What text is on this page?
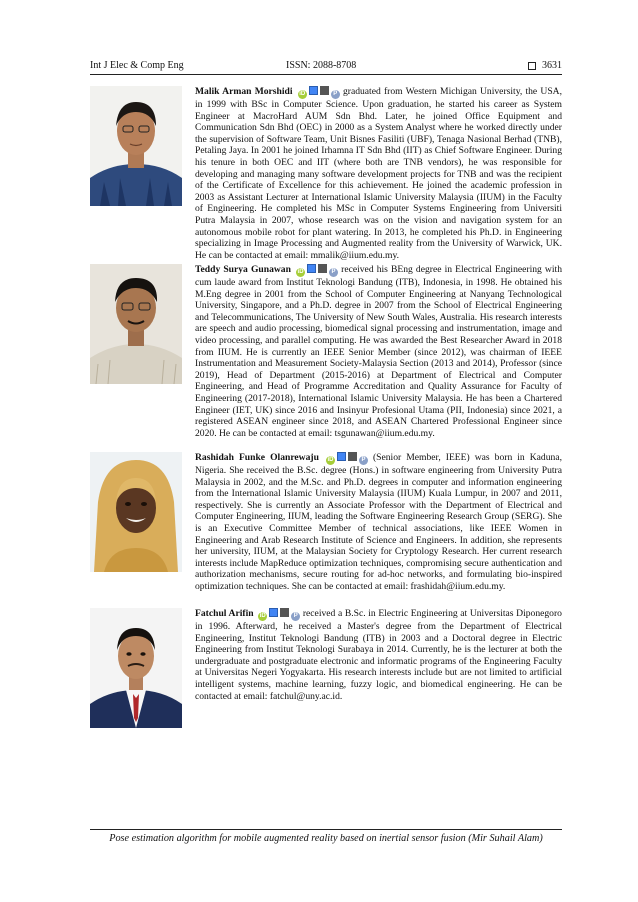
Int J Elec & Comp Eng	ISSN: 2088-8708	3631
Malik Arman Morshidi iD	P graduated from Western Michigan University, the USA, in 1999 with BSc in Computer Science. Upon graduation, he started his career as System Engineer at MacroHard AUM Sdn Bhd. Later, he joined Office Equipment and Communication Sdn Bhd (OEC) in 2000 as a System Analyst where he worked directly under the supervision of Software Team, Unit Bisnes Fasiliti (UBF), Tenaga Nasional Berhad (TNB), Petaling Jaya. In 2001 he joined Irhamna IT Sdn Bhd (IIT) as Chief Software Engineer. During his tenure in both OEC and IIT (where both are TNB vendors), he was responsible for developing and managing many software development projects for TNB and was the recipient of the Certificate of Excellence for this achievement. He joined the academic profession in 2003 as Assistant Lecturer at International Islamic University Malaysia (IIUM) in the Faculty of Engineering. He completed his MSc in Computer Systems Engineering from Universiti Putra Malaysia in 2007, whose research was on the vision and navigation system for an autonomous mobile robot for plant watering. In 2013, he completed his Ph.D. in Engineering specializing in Image Processing and Augmented reality from the University of Warwick, UK. He can be contacted at email: mmalik@iium.edu.my.
Teddy Surya Gunawan iD	P received his BEng degree in Electrical Engineering with cum laude award from Institut Teknologi Bandung (ITB), Indonesia, in 1998. He obtained his M.Eng degree in 2001 from the School of Computer Engineering at Nanyang Technological University, Singapore, and a Ph.D. degree in 2007 from the School of Electrical Engineering and Telecommunications, The University of New South Wales, Australia. His research interests are speech and audio processing, biomedical signal processing and instrumentation, image and video processing, and parallel computing. He was awarded the Best Researcher Award in 2018 from IIUM. He is currently an IEEE Senior Member (since 2012), was chairman of IEEE Instrumentation and Measurement Society-Malaysia Section (2013 and 2014), Professor (since 2019), Head of Department (2015-2016) at Department of Electrical and Computer Engineering, and Head of Programme Accreditation and Quality Assurance for Faculty of Engineering (2017-2018), International Islamic University Malaysia. He has been a Chartered Engineer (IET, UK) since 2016 and Insinyur Profesional Utama (PII, Indonesia) since 2021, a registered ASEAN engineer since 2018, and ASEAN Chartered Professional Engineer since 2020. He can be contacted at email: tsgunawan@iium.edu.my.
Rashidah Funke Olanrewaju iD	P (Senior Member, IEEE) was born in Kaduna, Nigeria. She received the B.Sc. degree (Hons.) in software engineering from University Putra Malaysia in 2002, and the M.Sc. and Ph.D. degrees in computer and information engineering from the International Islamic University Malaysia (IIUM) Kuala Lumpur, in 2007 and 2011, respectively. She is currently an Associate Professor with the Department of Electrical and Computer Engineering, IIUM, leading the Software Engineering Research Group (SERG). She is an Executive Committee Member of technical associations, like IEEE Women in Engineering and Arab Research Institute of Science and Engineers. In addition, she represents her university, IIUM, at the Malaysian Society for Cryptology Research. Her current research interests include MapReduce optimization techniques, compromising secure authentication and authorization mechanisms, secure routing for ad-hoc networks, and formulating bio-inspired optimization techniques. She can be contacted at email: frashidah@iium.edu.my.
Fatchul Arifin iD	P received a B.Sc. in Electric Engineering at Universitas Diponegoro in 1996. Afterward, he received a Master's degree from the Department of Electrical Engineering, Institut Teknologi Bandung (ITB) in 2003 and a Doctoral degree in Electric Engineering from Institut Teknologi Surabaya in 2014. Currently, he is the lecturer at both the undergraduate and postgraduate electronic and informatic programs of the Engineering Faculty at Universitas Negeri Yogyakarta. His research interests include but are not limited to artificial intelligent systems, machine learning, fuzzy logic, and biomedical engineering. He can be contacted at email: fatchul@uny.ac.id.
Pose estimation algorithm for mobile augmented reality based on inertial sensor fusion (Mir Suhail Alam)
